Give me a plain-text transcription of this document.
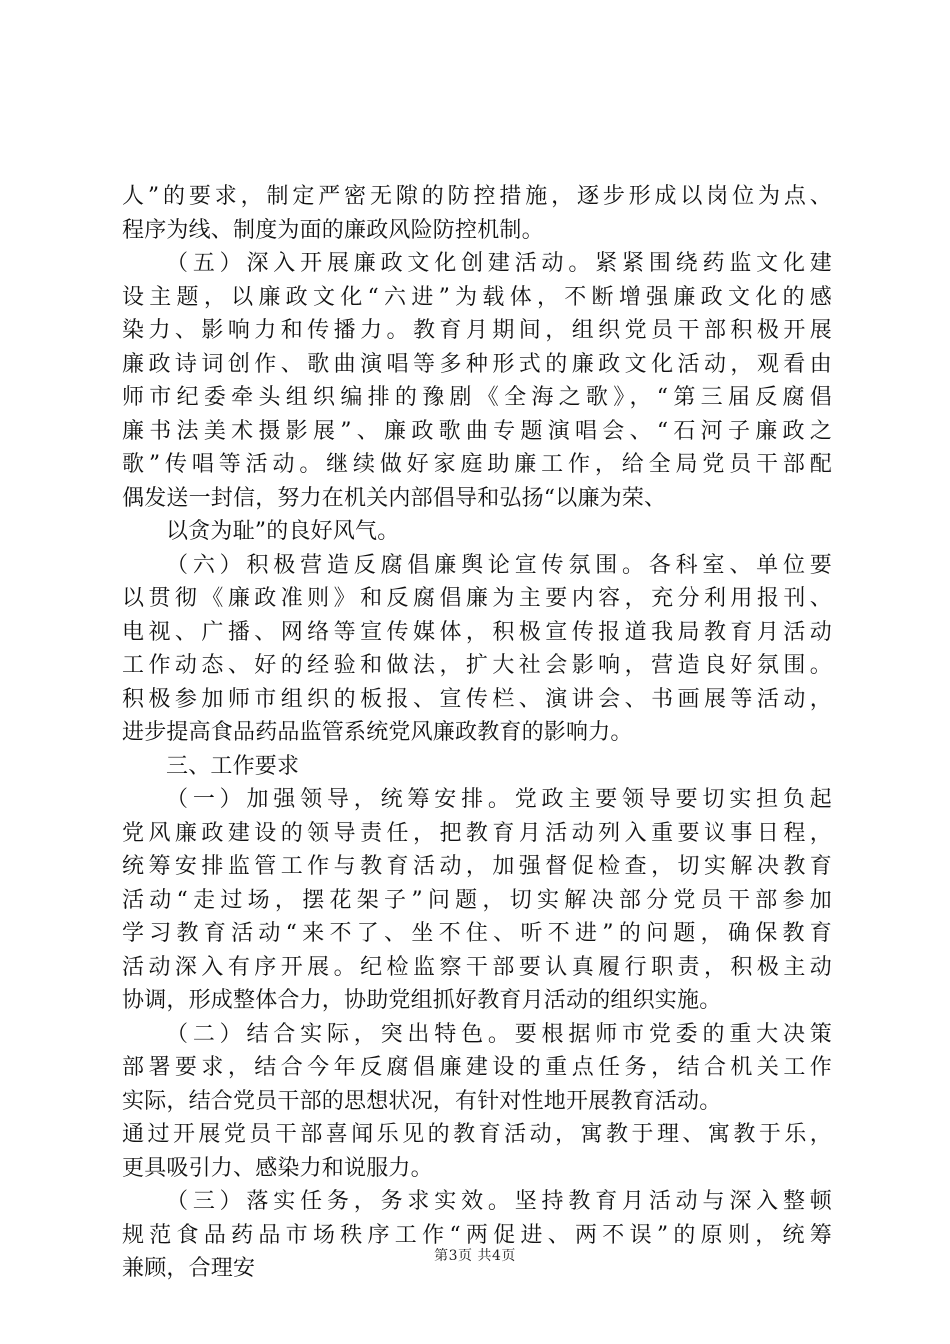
人”的要求，制定严密无隙的防控措施，逐步形成以岗位为点、
程序为线、制度为面的廉政风险防控机制。
（五）深入开展廉政文化创建活动。紧紧围绕药监文化建
设主题，以廉政文化“六进”为载体，不断增强廉政文化的感
染力、影响力和传播力。教育月期间，组织党员干部积极开展
廉政诗词创作、歌曲演唱等多种形式的廉政文化活动，观看由
师市纪委牵头组织编排的豫剧《全海之歌》，“第三届反腐倡
廉书法美术摄影展”、廉政歌曲专题演唱会、“石河子廉政之
歌”传唱等活动。继续做好家庭助廉工作，给全局党员干部配
偶发送一封信，努力在机关内部倡导和弘扬“以廉为荣、
以贪为耻”的良好风气。
（六）积极营造反腐倡廉舆论宣传氛围。各科室、单位要
以贯彻《廉政准则》和反腐倡廉为主要内容，充分利用报刊、
电视、广播、网络等宣传媒体，积极宣传报道我局教育月活动
工作动态、好的经验和做法，扩大社会影响，营造良好氛围。
积极参加师市组织的板报、宣传栏、演讲会、书画展等活动，
进步提高食品药品监管系统党风廉政教育的影响力。
三、工作要求
（一）加强领导，统筹安排。党政主要领导要切实担负起
党风廉政建设的领导责任，把教育月活动列入重要议事日程，
统筹安排监管工作与教育活动，加强督促检查，切实解决教育
活动“走过场，摆花架子”问题，切实解决部分党员干部参加
学习教育活动“来不了、坐不住、听不进”的问题，确保教育
活动深入有序开展。纪检监察干部要认真履行职责，积极主动
协调，形成整体合力，协助党组抓好教育月活动的组织实施。
（二）结合实际，突出特色。要根据师市党委的重大决策
部署要求，结合今年反腐倡廉建设的重点任务，结合机关工作
实际，结合党员干部的思想状况，有针对性地开展教育活动。
通过开展党员干部喜闻乐见的教育活动，寓教于理、寓教于乐，
更具吸引力、感染力和说服力。
（三）落实任务，务求实效。坚持教育月活动与深入整顿
规范食品药品市场秩序工作“两促进、两不误”的原则，统筹
兼顾，合理安	第3页 共4页
